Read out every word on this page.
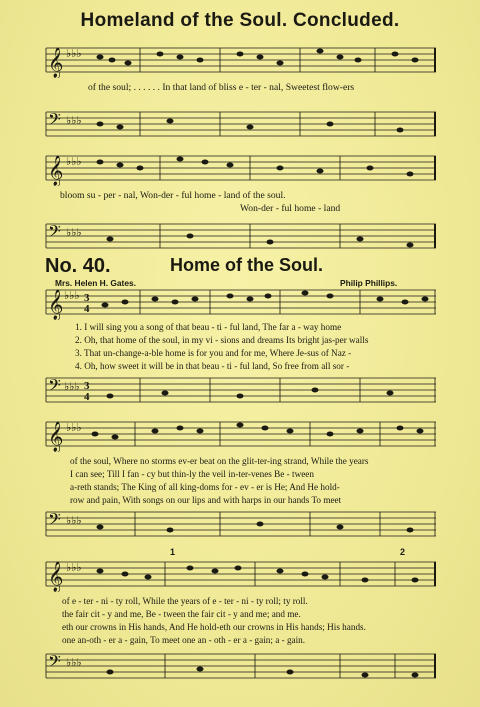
Homeland of the Soul. Concluded.
𝄞 ♭♭♭
of the soul; . . . . . . In that land of bliss e - ter - nal, Sweetest flow-ers
𝄢 ♭♭♭
𝄞 ♭♭♭
bloom su - per - nal, Won-der - ful home - land of the soul.
Won-der - ful home - land
𝄢 ♭♭♭
No. 40.	Home of the Soul.
Mrs. Helen H. Gates.	Philip Phillips.
𝄞 ♭♭♭ 3
4
1. I will sing you a song of that beau - ti - ful land, The far a - way home
2. Oh, that home of the soul, in my vi - sions and dreams Its bright jas-per walls
3. That un-change-a-ble home is for you and for me, Where Je-sus of Naz -
4. Oh, how sweet it will be in that beau - ti - ful land, So free from all sor -
𝄢 ♭♭♭ 3
4
𝄞 ♭♭♭
of the soul, Where no storms ev-er beat on the glit-ter-ing strand, While the years
I can see; Till I fan - cy but thin-ly the veil in-ter-venes Be - tween
a-reth stands; The King of all king-doms for - ev - er is He; And He hold-
row and pain, With songs on our lips and with harps in our hands To meet
𝄢 ♭♭♭
1	2
𝄞 ♭♭♭
of e - ter - ni - ty roll, While the years of e - ter - ni - ty roll; ty roll.
the fair cit - y and me, Be - tween the fair cit - y and me; and me.
eth our crowns in His hands, And He hold-eth our crowns in His hands; His hands.
one an-oth - er a - gain, To meet one an - oth - er a - gain; a - gain.
𝄢 ♭♭♭
